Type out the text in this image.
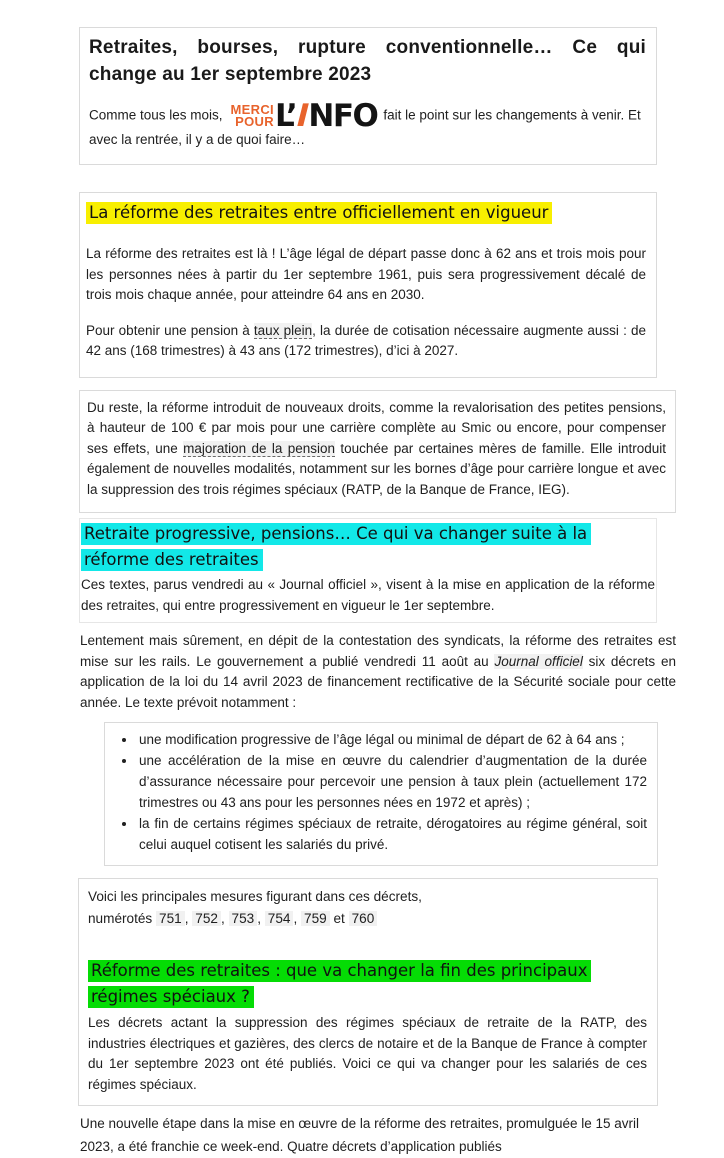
Retraites, bourses, rupture conventionnelle… Ce qui change au 1er septembre 2023

Comme tous les mois, MERCI
POUR L’INFO fait le point sur les changements à venir. Et avec la rentrée, il y a de quoi faire…

La réforme des retraites entre officiellement en vigueur

La réforme des retraites est là ! L’âge légal de départ passe donc à 62 ans et trois mois pour les personnes nées à partir du 1er septembre 1961, puis sera progressivement décalé de trois mois chaque année, pour atteindre 64 ans en 2030.

Pour obtenir une pension à taux plein, la durée de cotisation nécessaire augmente aussi : de 42 ans (168 trimestres) à 43 ans (172 trimestres), d’ici à 2027.

Du reste, la réforme introduit de nouveaux droits, comme la revalorisation des petites pensions, à hauteur de 100 € par mois pour une carrière complète au Smic ou encore, pour compenser ses effets, une majoration de la pension touchée par certaines mères de famille. Elle introduit également de nouvelles modalités, notamment sur les bornes d’âge pour carrière longue et avec la suppression des trois régimes spéciaux (RATP, de la Banque de France, IEG).

Retraite progressive, pensions… Ce qui va changer suite à la réforme des retraites

Ces textes, parus vendredi au « Journal officiel », visent à la mise en application de la réforme des retraites, qui entre progressivement en vigueur le 1er septembre.

Lentement mais sûrement, en dépit de la contestation des syndicats, la réforme des retraites est mise sur les rails. Le gouvernement a publié vendredi 11 août au Journal officiel six décrets en application de la loi du 14 avril 2023 de financement rectificative de la Sécurité sociale pour cette année. Le texte prévoit notamment :

• une modification progressive de l’âge légal ou minimal de départ de 62 à 64 ans ;
• une accélération de la mise en œuvre du calendrier d’augmentation de la durée d’assurance nécessaire pour percevoir une pension à taux plein (actuellement 172 trimestres ou 43 ans pour les personnes nées en 1972 et après) ;
• la fin de certains régimes spéciaux de retraite, dérogatoires au régime général, soit celui auquel cotisent les salariés du privé.

Voici les principales mesures figurant dans ces décrets,
numérotés 751 , 752 , 753 , 754 , 759 et 760

Réforme des retraites : que va changer la fin des principaux régimes spéciaux ?

Les décrets actant la suppression des régimes spéciaux de retraite de la RATP, des industries électriques et gazières, des clercs de notaire et de la Banque de France à compter du 1er septembre 2023 ont été publiés. Voici ce qui va changer pour les salariés de ces régimes spéciaux.

Une nouvelle étape dans la mise en œuvre de la réforme des retraites, promulguée le 15 avril 2023, a été franchie ce week-end. Quatre décrets d’application publiés
